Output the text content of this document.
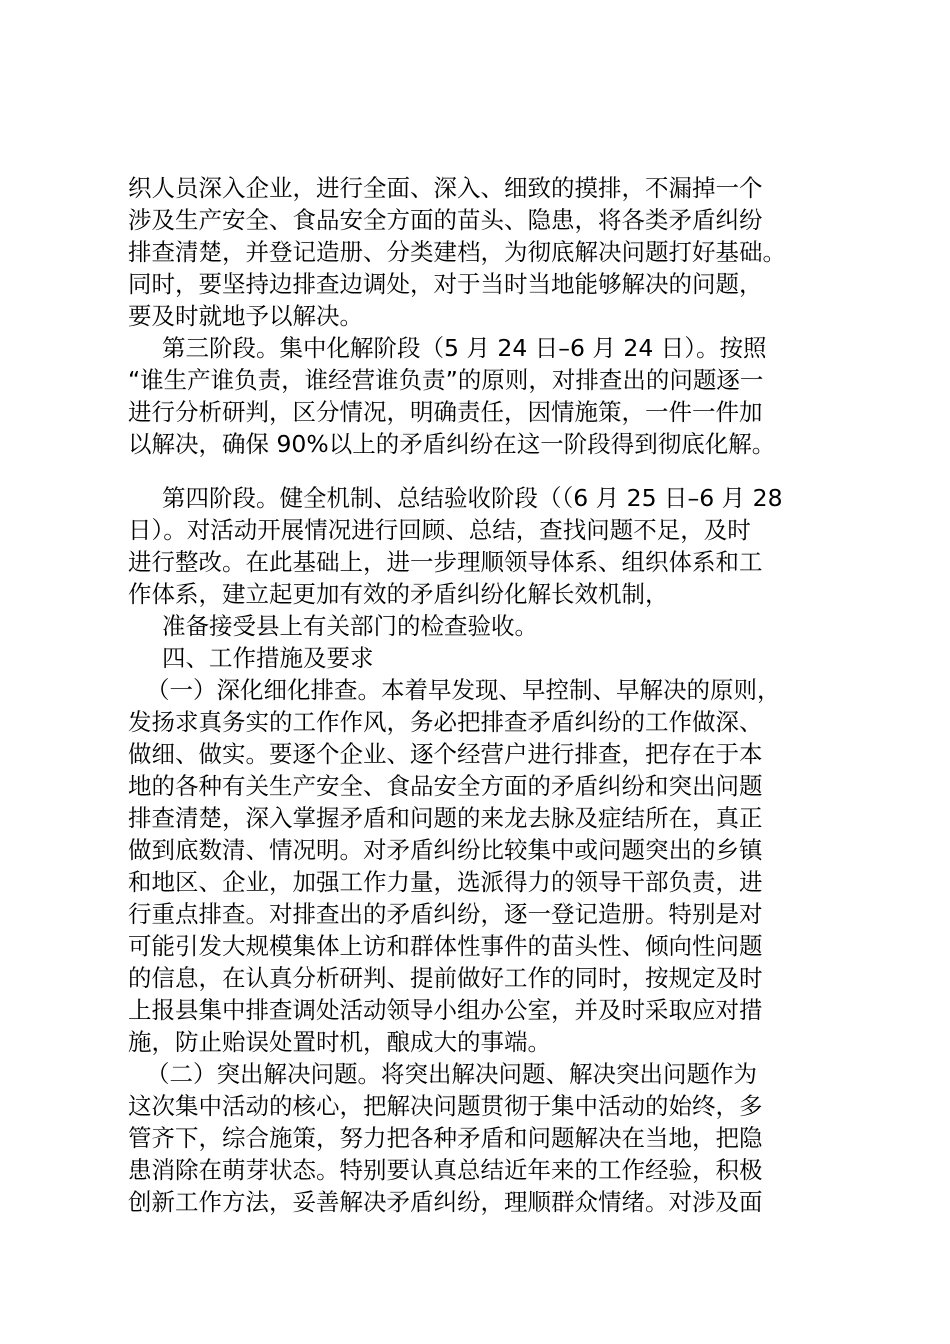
织人员深入企业，进行全面、深入、细致的摸排，不漏掉一个
涉及生产安全、食品安全方面的苗头、隐患，将各类矛盾纠纷
排查清楚，并登记造册、分类建档，为彻底解决问题打好基础。
同时，要坚持边排查边调处，对于当时当地能够解决的问题，
要及时就地予以解决。
第三阶段。集中化解阶段（5 月 24 日–6 月 24 日）。按照
“谁生产谁负责，谁经营谁负责”的原则，对排查出的问题逐一
进行分析研判，区分情况，明确责任，因情施策，一件一件加
以解决，确保 90%以上的矛盾纠纷在这一阶段得到彻底化解。
第四阶段。健全机制、总结验收阶段（（6 月 25 日–6 月 28
日）。对活动开展情况进行回顾、总结，查找问题不足，及时
进行整改。在此基础上，进一步理顺领导体系、组织体系和工
作体系，建立起更加有效的矛盾纠纷化解长效机制，
准备接受县上有关部门的检查验收。
四、工作措施及要求
（一）深化细化排查。本着早发现、早控制、早解决的原则，
发扬求真务实的工作作风，务必把排查矛盾纠纷的工作做深、
做细、做实。要逐个企业、逐个经营户进行排查，把存在于本
地的各种有关生产安全、食品安全方面的矛盾纠纷和突出问题
排查清楚，深入掌握矛盾和问题的来龙去脉及症结所在，真正
做到底数清、情况明。对矛盾纠纷比较集中或问题突出的乡镇
和地区、企业，加强工作力量，选派得力的领导干部负责，进
行重点排查。对排查出的矛盾纠纷，逐一登记造册。特别是对
可能引发大规模集体上访和群体性事件的苗头性、倾向性问题
的信息，在认真分析研判、提前做好工作的同时，按规定及时
上报县集中排查调处活动领导小组办公室，并及时采取应对措
施，防止贻误处置时机，酿成大的事端。
（二）突出解决问题。将突出解决问题、解决突出问题作为
这次集中活动的核心，把解决问题贯彻于集中活动的始终，多
管齐下，综合施策，努力把各种矛盾和问题解决在当地，把隐
患消除在萌芽状态。特别要认真总结近年来的工作经验，积极
创新工作方法，妥善解决矛盾纠纷，理顺群众情绪。对涉及面
